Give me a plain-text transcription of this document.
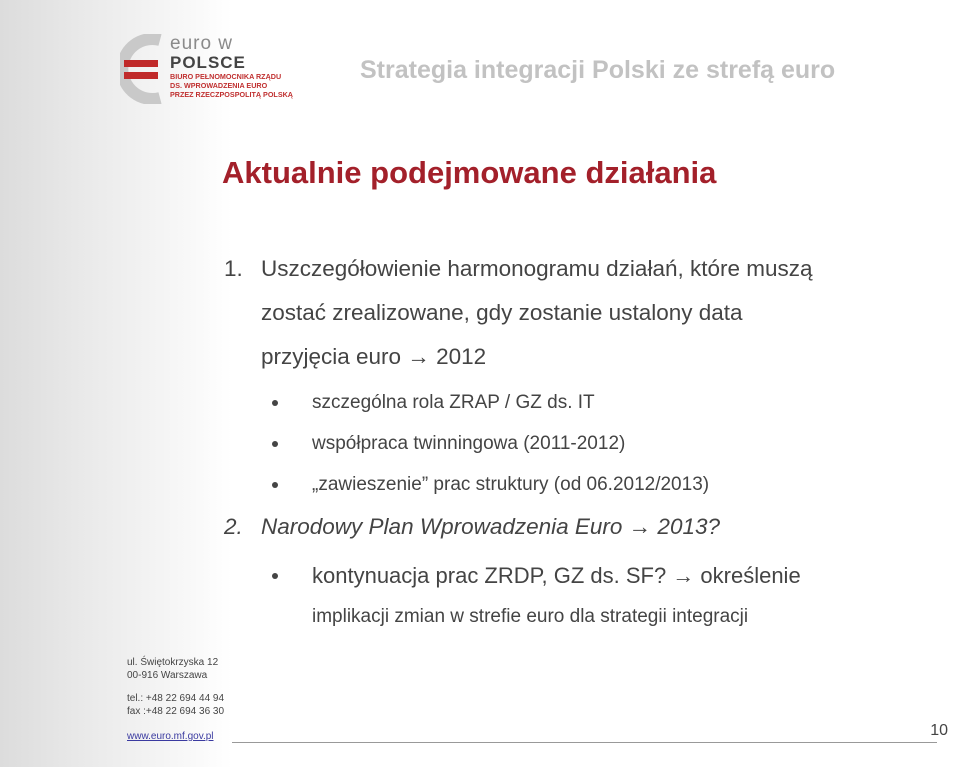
euro w
POLSCE
BIURO PEŁNOMOCNIKA RZĄDU
DS. WPROWADZENIA EURO
PRZEZ RZECZPOSPOLITĄ POLSKĄ
Strategia integracji Polski ze strefą euro
Aktualnie podejmowane działania
1. Uszczegółowienie harmonogramu działań, które muszą
zostać zrealizowane, gdy zostanie ustalony data
przyjęcia euro → 2012
szczególna rola ZRAP / GZ ds. IT
współpraca twinningowa (2011-2012)
„zawieszenie” prac struktury (od 06.2012/2013)
2. Narodowy Plan Wprowadzenia Euro → 2013?
kontynuacja prac ZRDP, GZ ds. SF? → określenie
implikacji zmian w strefie euro dla strategii integracji
ul. Świętokrzyska 12
00-916 Warszawa
tel.: +48 22 694 44 94
fax :+48 22 694 36 30
www.euro.mf.gov.pl	10
